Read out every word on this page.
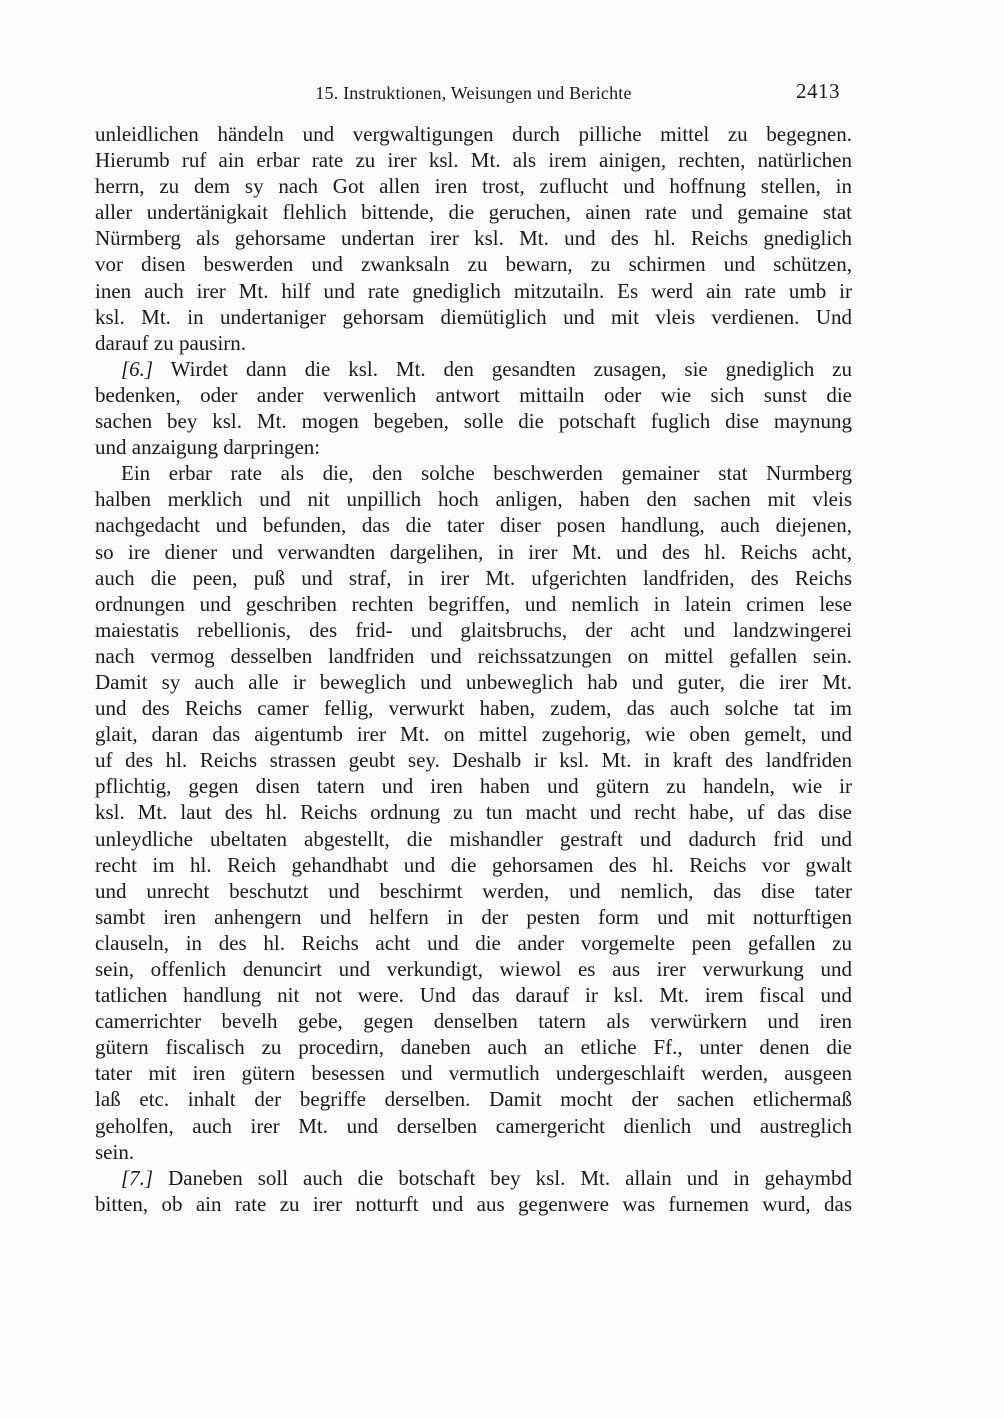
15. Instruktionen, Weisungen und Berichte	2413
unleidlichen händeln und vergwaltigungen durch pilliche mittel zu begegnen.
Hierumb ruf ain erbar rate zu irer ksl. Mt. als irem ainigen, rechten, natürlichen
herrn, zu dem sy nach Got allen iren trost, zuflucht und hoffnung stellen, in
aller undertänigkait flehlich bittende, die geruchen, ainen rate und gemaine stat
Nürmberg als gehorsame undertan irer ksl. Mt. und des hl. Reichs gnediglich
vor disen beswerden und zwanksaln zu bewarn, zu schirmen und schützen,
inen auch irer Mt. hilf und rate gnediglich mitzutailn. Es werd ain rate umb ir
ksl. Mt. in undertaniger gehorsam diemütiglich und mit vleis verdienen. Und
darauf zu pausirn.
[6.] Wirdet dann die ksl. Mt. den gesandten zusagen, sie gnediglich zu
bedenken, oder ander verwenlich antwort mittailn oder wie sich sunst die
sachen bey ksl. Mt. mogen begeben, solle die potschaft fuglich dise maynung
und anzaigung darpringen:
Ein erbar rate als die, den solche beschwerden gemainer stat Nurmberg
halben merklich und nit unpillich hoch anligen, haben den sachen mit vleis
nachgedacht und befunden, das die tater diser posen handlung, auch diejenen,
so ire diener und verwandten dargelihen, in irer Mt. und des hl. Reichs acht,
auch die peen, puß und straf, in irer Mt. ufgerichten landfriden, des Reichs
ordnungen und geschriben rechten begriffen, und nemlich in latein crimen lese
maiestatis rebellionis, des frid- und glaitsbruchs, der acht und landzwingerei
nach vermog desselben landfriden und reichssatzungen on mittel gefallen sein.
Damit sy auch alle ir beweglich und unbeweglich hab und guter, die irer Mt.
und des Reichs camer fellig, verwurkt haben, zudem, das auch solche tat im
glait, daran das aigentumb irer Mt. on mittel zugehorig, wie oben gemelt, und
uf des hl. Reichs strassen geubt sey. Deshalb ir ksl. Mt. in kraft des landfriden
pflichtig, gegen disen tatern und iren haben und gütern zu handeln, wie ir
ksl. Mt. laut des hl. Reichs ordnung zu tun macht und recht habe, uf das dise
unleydliche ubeltaten abgestellt, die mishandler gestraft und dadurch frid und
recht im hl. Reich gehandhabt und die gehorsamen des hl. Reichs vor gwalt
und unrecht beschutzt und beschirmt werden, und nemlich, das dise tater
sambt iren anhengern und helfern in der pesten form und mit notturftigen
clauseln, in des hl. Reichs acht und die ander vorgemelte peen gefallen zu
sein, offenlich denuncirt und verkundigt, wiewol es aus irer verwurkung und
tatlichen handlung nit not were. Und das darauf ir ksl. Mt. irem fiscal und
camerrichter bevelh gebe, gegen denselben tatern als verwürkern und iren
gütern fiscalisch zu procedirn, daneben auch an etliche Ff., unter denen die
tater mit iren gütern besessen und vermutlich undergeschlaift werden, ausgeen
laß etc. inhalt der begriffe derselben. Damit mocht der sachen etlichermaß
geholfen, auch irer Mt. und derselben camergericht dienlich und austreglich
sein.
[7.] Daneben soll auch die botschaft bey ksl. Mt. allain und in gehaymbd
bitten, ob ain rate zu irer notturft und aus gegenwere was furnemen wurd, das
